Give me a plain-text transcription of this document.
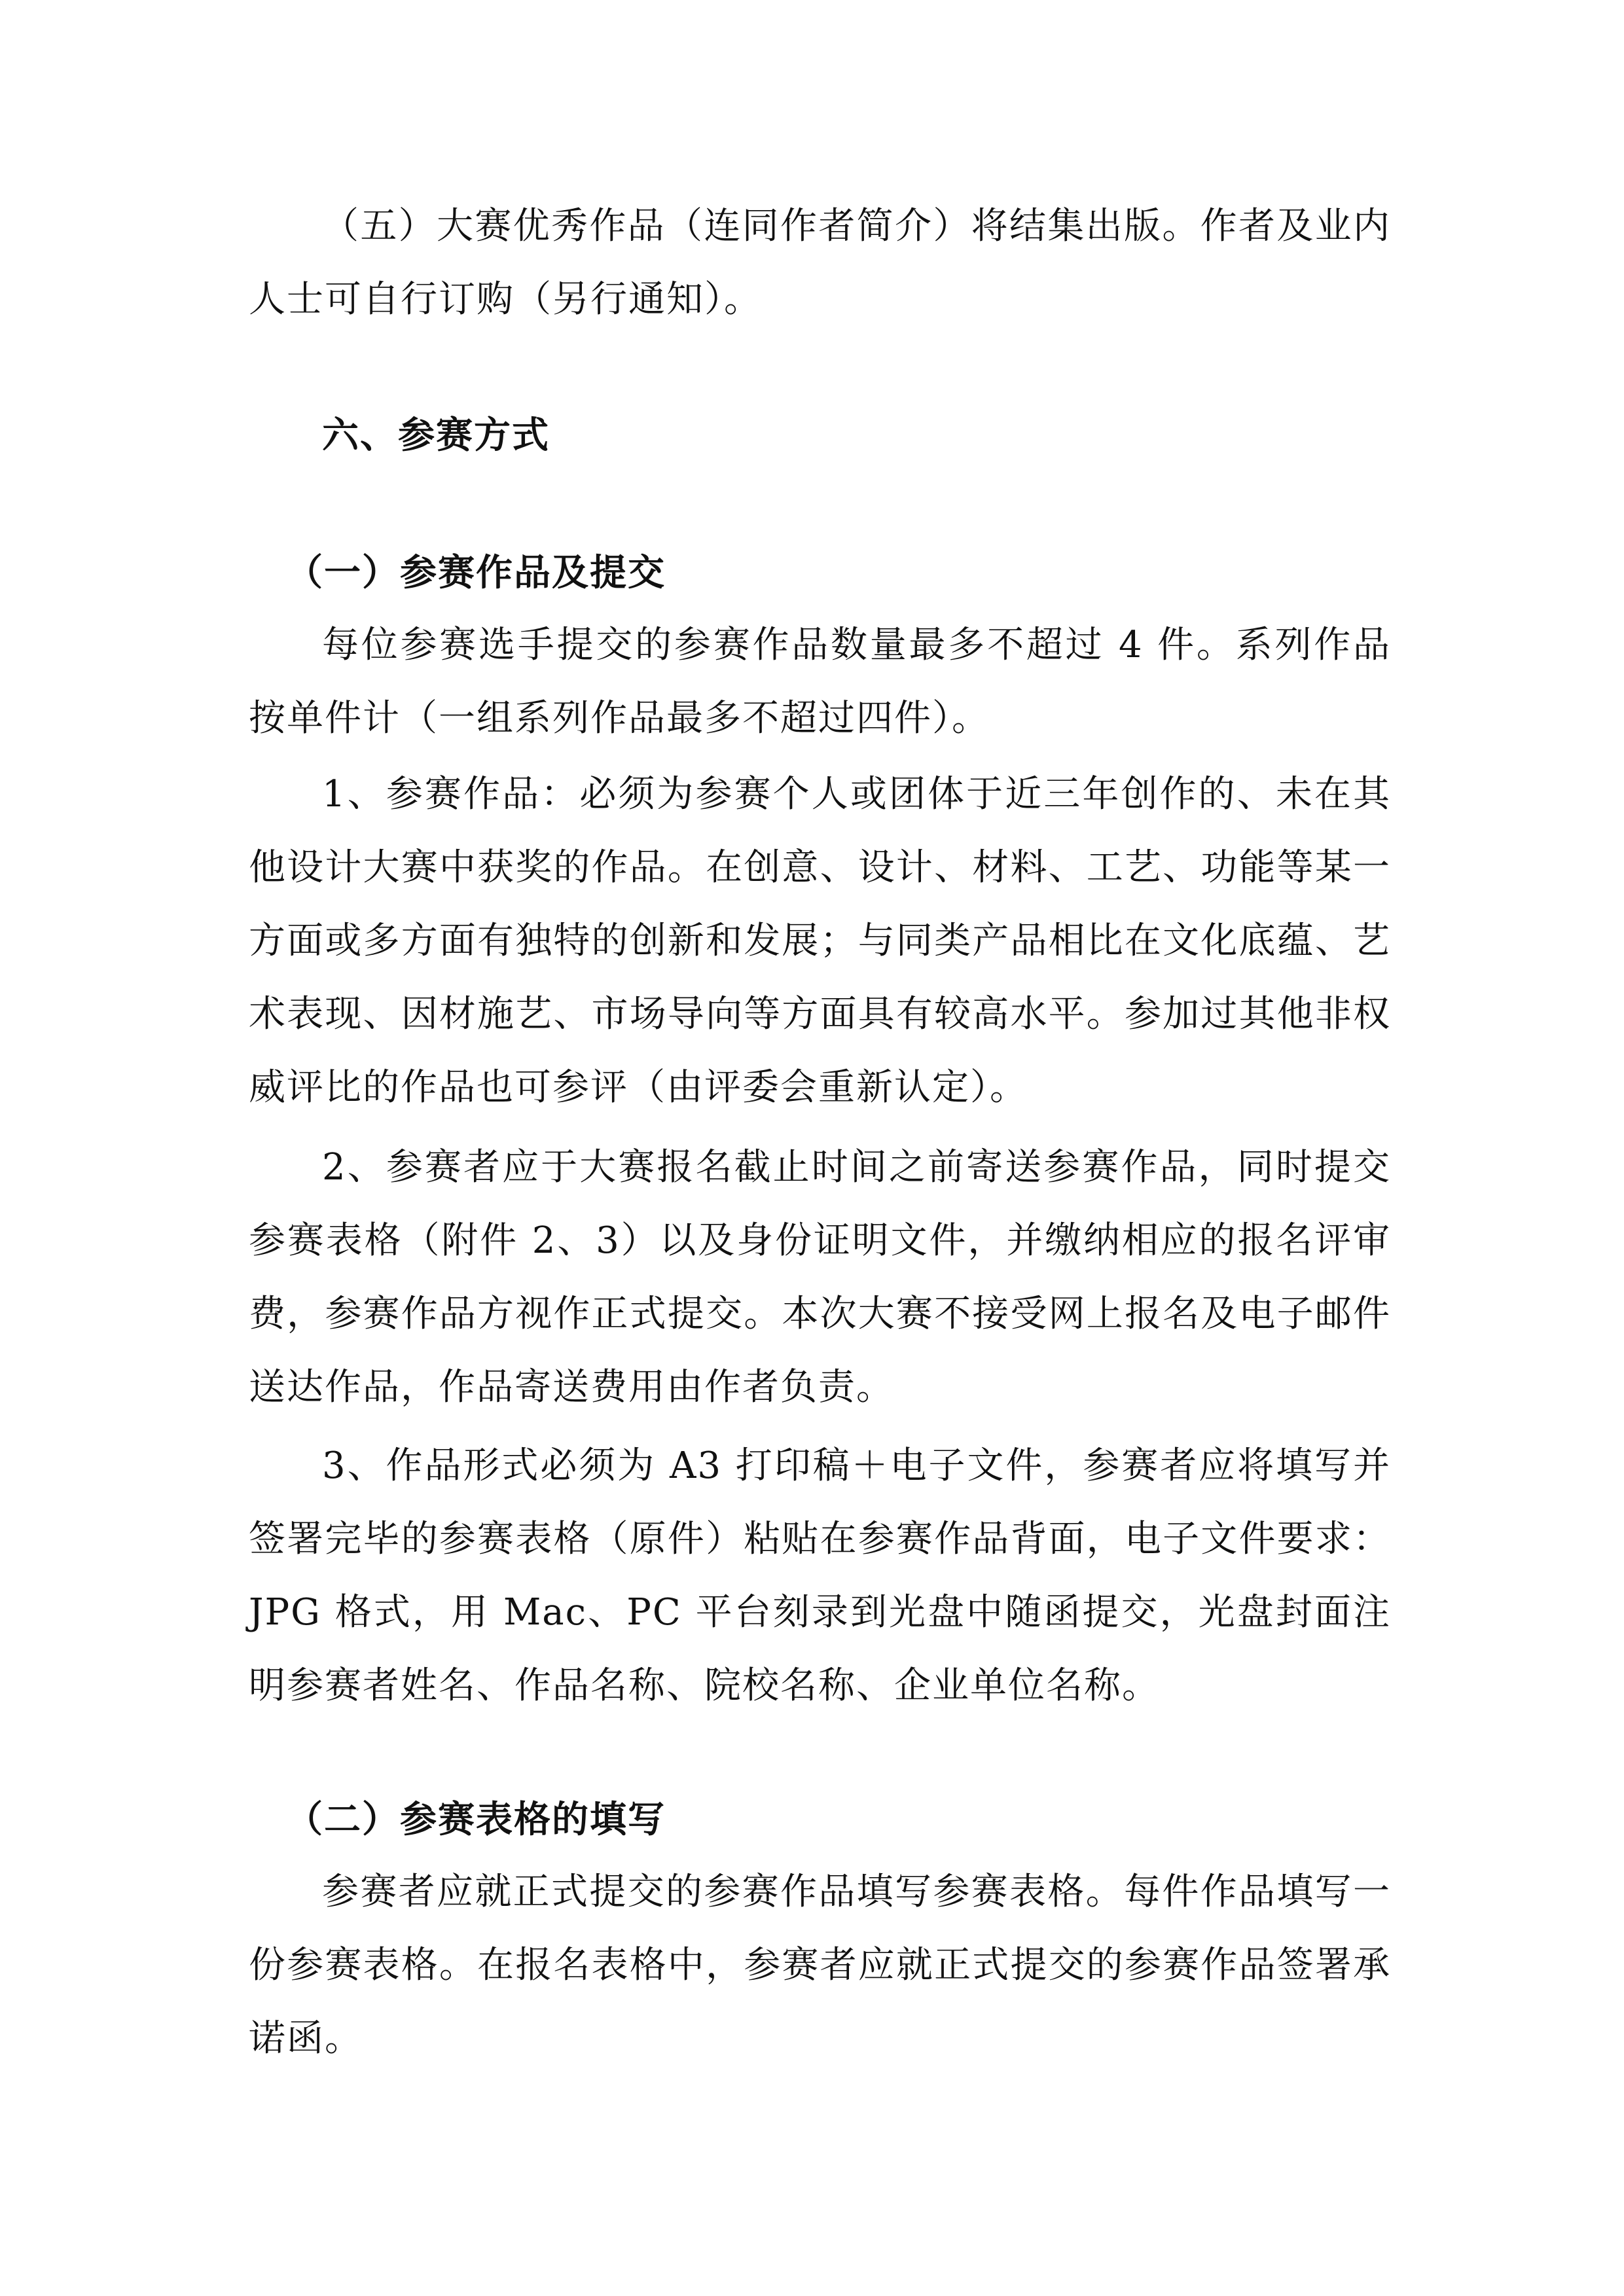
（五）大赛优秀作品（连同作者简介）将结集出版。作者及业内人士可自行订购（另行通知）。

六、参赛方式

（一）参赛作品及提交

每位参赛选手提交的参赛作品数量最多不超过 4 件。系列作品按单件计（一组系列作品最多不超过四件）。

1、参赛作品：必须为参赛个人或团体于近三年创作的、未在其他设计大赛中获奖的作品。在创意、设计、材料、工艺、功能等某一方面或多方面有独特的创新和发展；与同类产品相比在文化底蕴、艺术表现、因材施艺、市场导向等方面具有较高水平。参加过其他非权威评比的作品也可参评（由评委会重新认定）。

2、参赛者应于大赛报名截止时间之前寄送参赛作品，同时提交参赛表格（附件 2、3）以及身份证明文件，并缴纳相应的报名评审费，参赛作品方视作正式提交。本次大赛不接受网上报名及电子邮件送达作品，作品寄送费用由作者负责。

3、作品形式必须为 A3 打印稿＋电子文件，参赛者应将填写并签署完毕的参赛表格（原件）粘贴在参赛作品背面，电子文件要求：JPG 格式，用 Mac、PC 平台刻录到光盘中随函提交，光盘封面注明参赛者姓名、作品名称、院校名称、企业单位名称。

（二）参赛表格的填写

参赛者应就正式提交的参赛作品填写参赛表格。每件作品填写一份参赛表格。在报名表格中，参赛者应就正式提交的参赛作品签署承诺函。
